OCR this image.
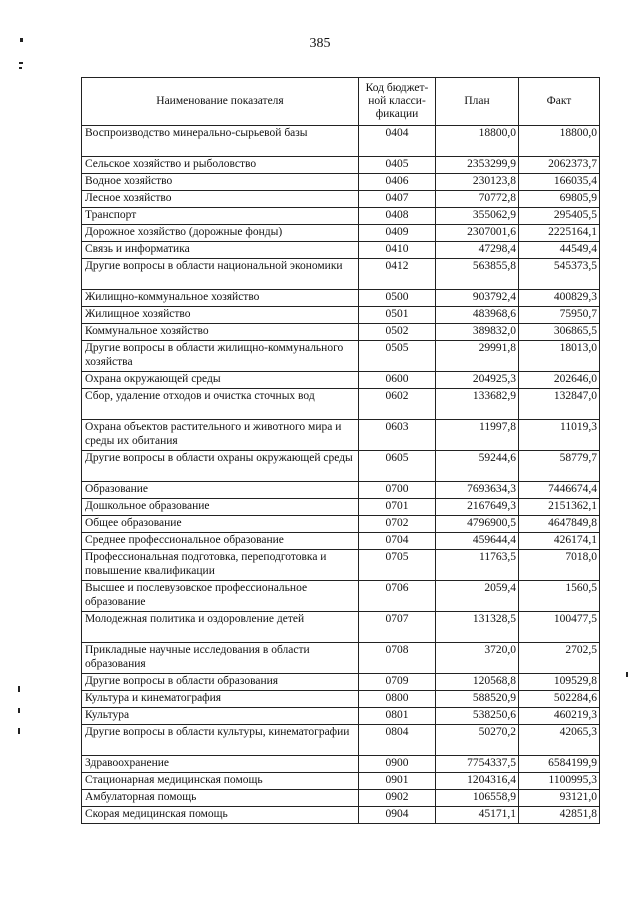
385
Наименование показателя	Код бюджет-ной класси-фикации	План	Факт
Воспроизводство минерально-сырьевой базы	0404	18800,0	18800,0
Сельское хозяйство и рыболовство	0405	2353299,9	2062373,7
Водное хозяйство	0406	230123,8	166035,4
Лесное хозяйство	0407	70772,8	69805,9
Транспорт	0408	355062,9	295405,5
Дорожное хозяйство (дорожные фонды)	0409	2307001,6	2225164,1
Связь и информатика	0410	47298,4	44549,4
Другие вопросы в области национальной экономики	0412	563855,8	545373,5
Жилищно-коммунальное хозяйство	0500	903792,4	400829,3
Жилищное хозяйство	0501	483968,6	75950,7
Коммунальное хозяйство	0502	389832,0	306865,5
Другие вопросы в области жилищно-коммунального хозяйства	0505	29991,8	18013,0
Охрана окружающей среды	0600	204925,3	202646,0
Сбор, удаление отходов и очистка сточных вод	0602	133682,9	132847,0
Охрана объектов растительного и животного мира и среды их обитания	0603	11997,8	11019,3
Другие вопросы в области охраны окружающей среды	0605	59244,6	58779,7
Образование	0700	7693634,3	7446674,4
Дошкольное образование	0701	2167649,3	2151362,1
Общее образование	0702	4796900,5	4647849,8
Среднее профессиональное образование	0704	459644,4	426174,1
Профессиональная подготовка, переподготовка и повышение квалификации	0705	11763,5	7018,0
Высшее и послевузовское профессиональное образование	0706	2059,4	1560,5
Молодежная политика и оздоровление детей	0707	131328,5	100477,5
Прикладные научные исследования в области образования	0708	3720,0	2702,5
Другие вопросы в области образования	0709	120568,8	109529,8
Культура и кинематография	0800	588520,9	502284,6
Культура	0801	538250,6	460219,3
Другие вопросы в области культуры, кинематографии	0804	50270,2	42065,3
Здравоохранение	0900	7754337,5	6584199,9
Стационарная медицинская помощь	0901	1204316,4	1100995,3
Амбулаторная помощь	0902	106558,9	93121,0
Скорая медицинская помощь	0904	45171,1	42851,8
